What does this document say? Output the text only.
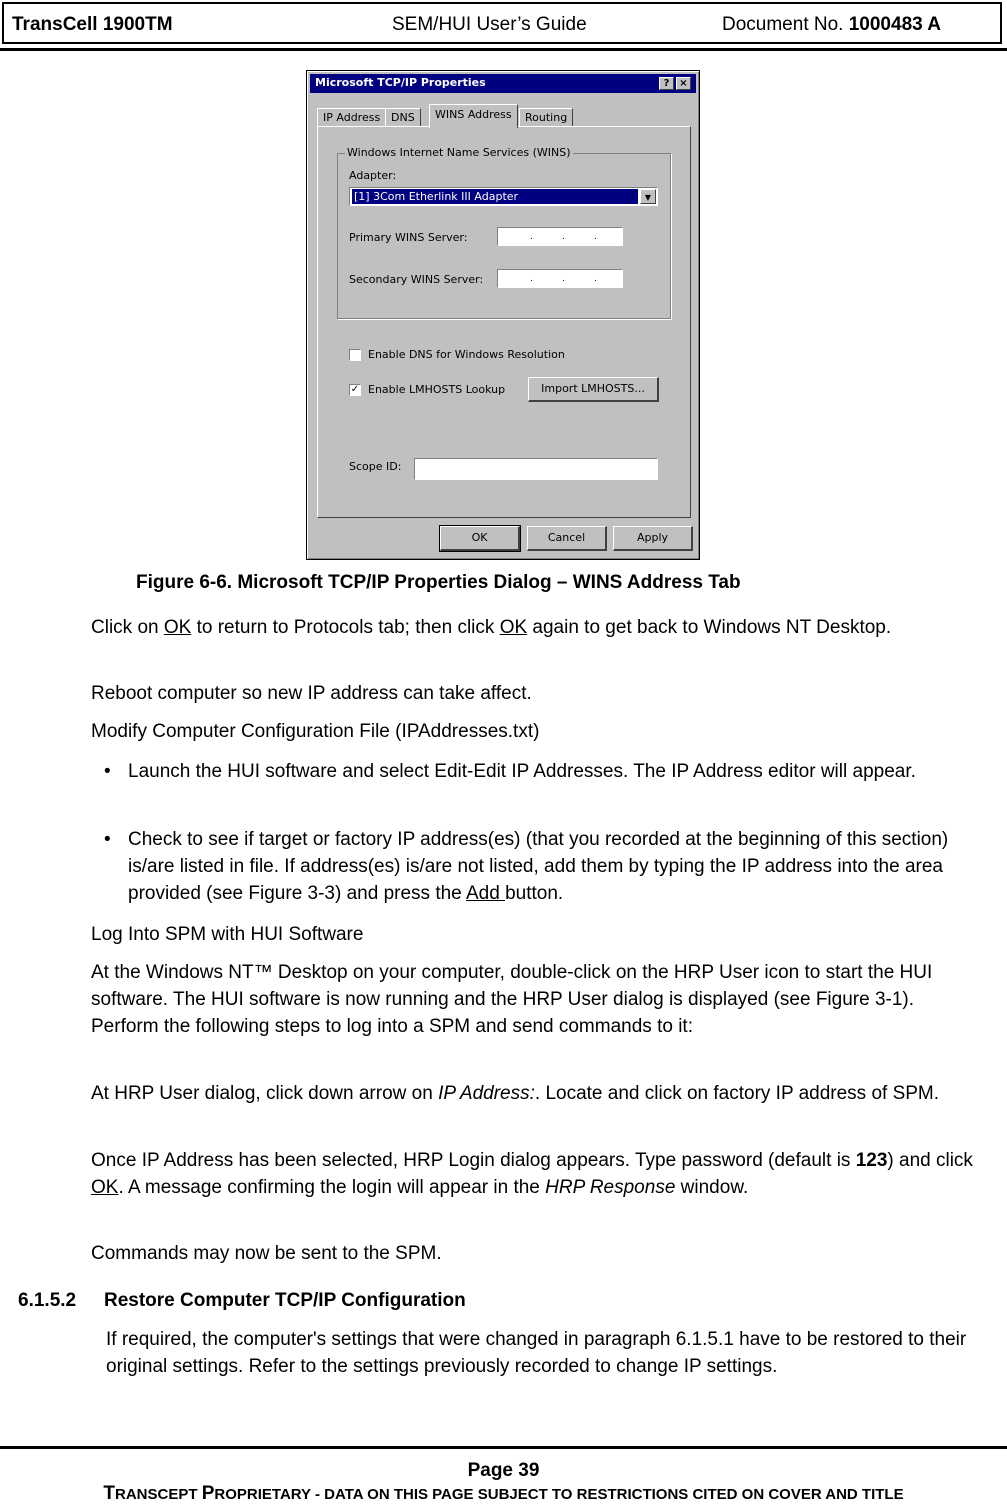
TransCell 1900TM	SEM/HUI User’s Guide	Document No. 1000483 A
Microsoft TCP/IP Properties	? ×
IP Address DNS	WINS Address	Routing
Windows Internet Name Services (WINS)
Adapter:
[1] 3Com Etherlink III Adapter	▼
Primary WINS Server:	.	.	.
Secondary WINS Server:	.	.	.
Enable DNS for Windows Resolution
✓ Enable LMHOSTS Lookup	Import LMHOSTS...
Scope ID:
OK	Cancel	Apply
Figure 6-6. Microsoft TCP/IP Properties Dialog – WINS Address Tab
Click on OK to return to Protocols tab; then click OK again to get back to Windows NT Desktop.
Reboot computer so new IP address can take affect.
Modify Computer Configuration File (IPAddresses.txt)
• Launch the HUI software and select Edit-Edit IP Addresses. The IP Address editor will appear.
• Check to see if target or factory IP address(es) (that you recorded at the beginning of this section) is/are listed in file. If address(es) is/are not listed, add them by typing the IP address into the area provided (see Figure 3-3) and press the Add button.
Log Into SPM with HUI Software
At the Windows NT™ Desktop on your computer, double-click on the HRP User icon to start the HUI software. The HUI software is now running and the HRP User dialog is displayed (see Figure 3-1). Perform the following steps to log into a SPM and send commands to it:
At HRP User dialog, click down arrow on IP Address:. Locate and click on factory IP address of SPM.
Once IP Address has been selected, HRP Login dialog appears. Type password (default is 123) and click OK. A message confirming the login will appear in the HRP Response window.
Commands may now be sent to the SPM.
6.1.5.2 Restore Computer TCP/IP Configuration
If required, the computer's settings that were changed in paragraph 6.1.5.1 have to be restored to their original settings. Refer to the settings previously recorded to change IP settings.
Page 39
TRANSCEPT PROPRIETARY - DATA ON THIS PAGE SUBJECT TO RESTRICTIONS CITED ON COVER AND TITLE
